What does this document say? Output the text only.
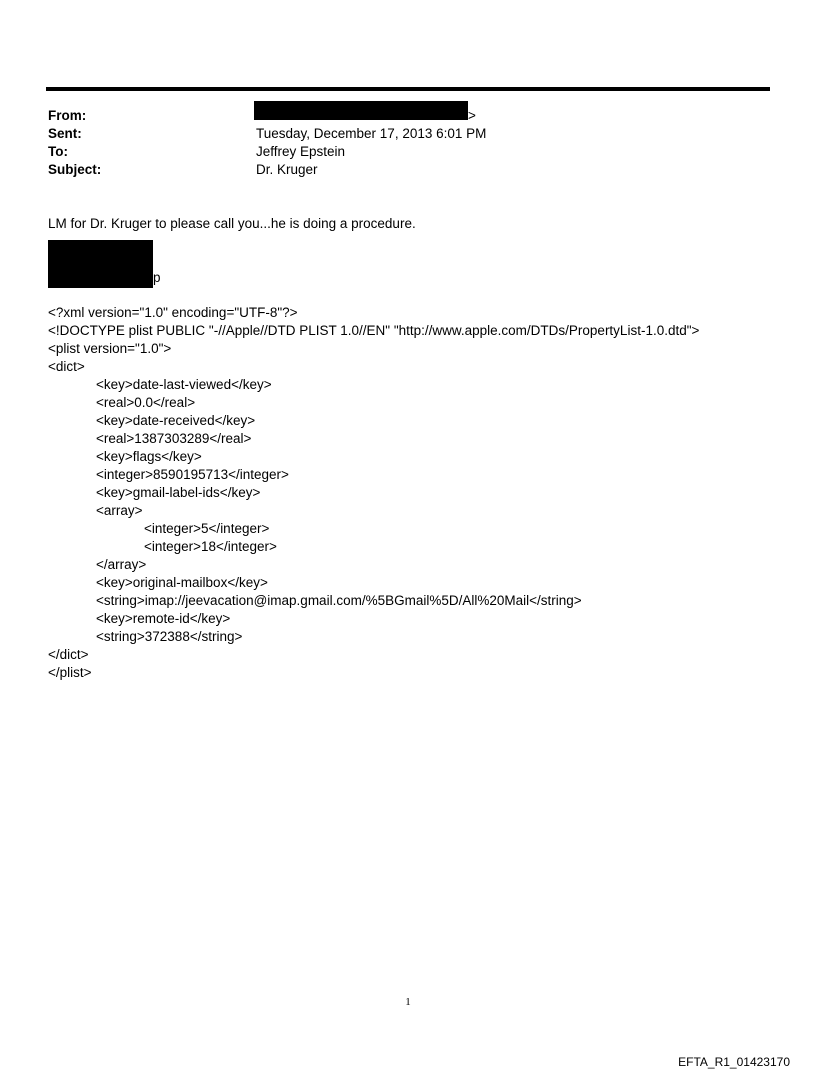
From:	>
Sent:	Tuesday, December 17, 2013 6:01 PM
To:	Jeffrey Epstein
Subject:	Dr. Kruger
LM for Dr. Kruger to please call you...he is doing a procedure.
p
<?xml version="1.0" encoding="UTF-8"?>
<!DOCTYPE plist PUBLIC "-//Apple//DTD PLIST 1.0//EN" "http://www.apple.com/DTDs/PropertyList-1.0.dtd">
<plist version="1.0">
<dict>
<key>date-last-viewed</key>
<real>0.0</real>
<key>date-received</key>
<real>1387303289</real>
<key>flags</key>
<integer>8590195713</integer>
<key>gmail-label-ids</key>
<array>
<integer>5</integer>
<integer>18</integer>
</array>
<key>original-mailbox</key>
<string>imap://jeevacation@imap.gmail.com/%5BGmail%5D/All%20Mail</string>
<key>remote-id</key>
<string>372388</string>
</dict>
</plist>
1
EFTA_R1_01423170
